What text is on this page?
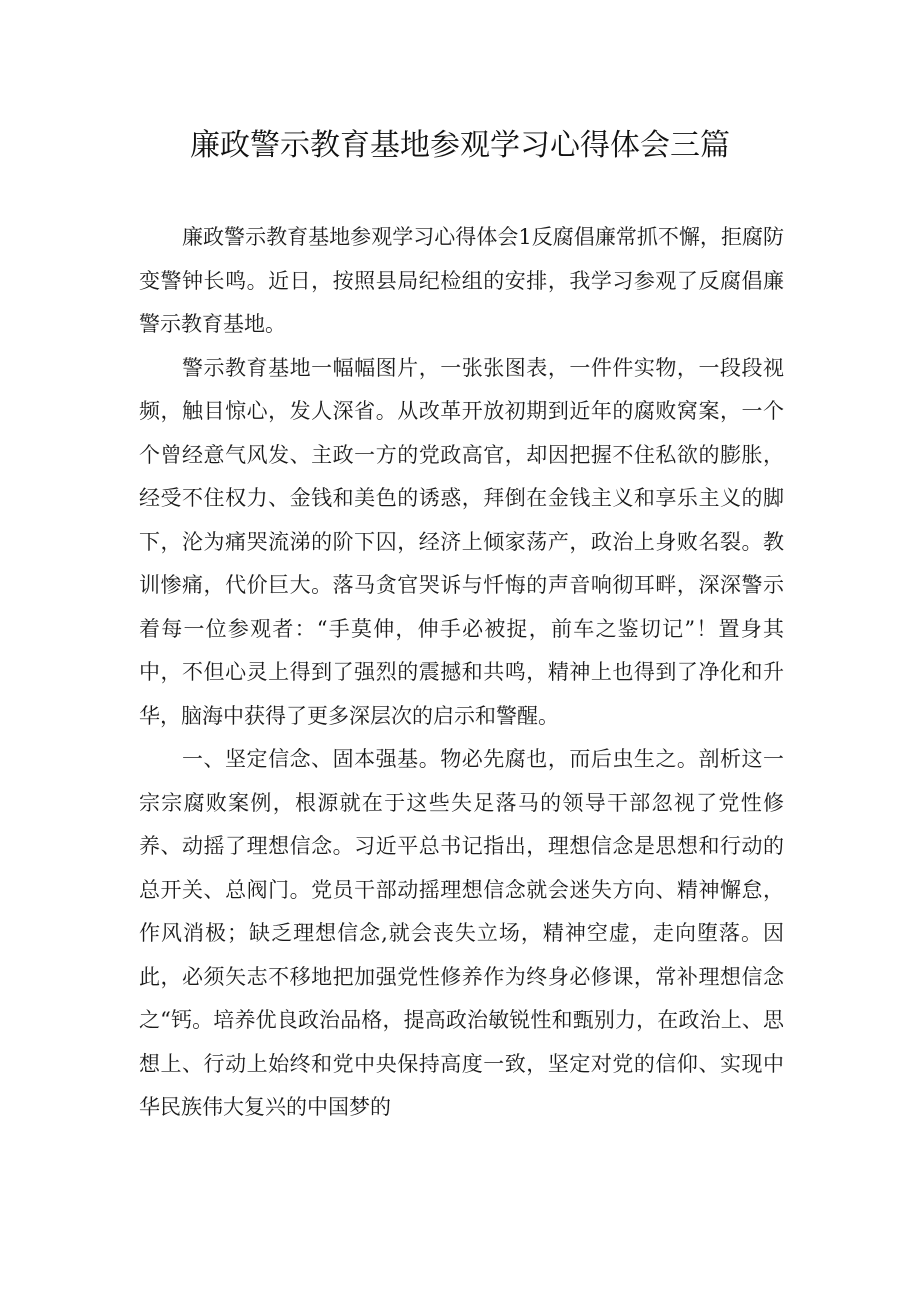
廉政警示教育基地参观学习心得体会三篇

廉政警示教育基地参观学习心得体会1反腐倡廉常抓不懈，拒腐防变警钟长鸣。近日，按照县局纪检组的安排，我学习参观了反腐倡廉警示教育基地。

警示教育基地一幅幅图片，一张张图表，一件件实物，一段段视频，触目惊心，发人深省。从改革开放初期到近年的腐败窝案，一个个曾经意气风发、主政一方的党政高官，却因把握不住私欲的膨胀，经受不住权力、金钱和美色的诱惑，拜倒在金钱主义和享乐主义的脚下，沦为痛哭流涕的阶下囚，经济上倾家荡产，政治上身败名裂。教训惨痛，代价巨大。落马贪官哭诉与忏悔的声音响彻耳畔，深深警示着每一位参观者：“手莫伸，伸手必被捉，前车之鉴切记”！置身其中，不但心灵上得到了强烈的震撼和共鸣，精神上也得到了净化和升华，脑海中获得了更多深层次的启示和警醒。

一、坚定信念、固本强基。物必先腐也，而后虫生之。剖析这一宗宗腐败案例，根源就在于这些失足落马的领导干部忽视了党性修养、动摇了理想信念。习近平总书记指出，理想信念是思想和行动的总开关、总阀门。党员干部动摇理想信念就会迷失方向、精神懈怠，作风消极；缺乏理想信念,就会丧失立场，精神空虚，走向堕落。因此，必须矢志不移地把加强党性修养作为终身必修课，常补理想信念之“钙。培养优良政治品格，提高政治敏锐性和甄别力，在政治上、思想上、行动上始终和党中央保持高度一致，坚定对党的信仰、实现中华民族伟大复兴的中国梦的
